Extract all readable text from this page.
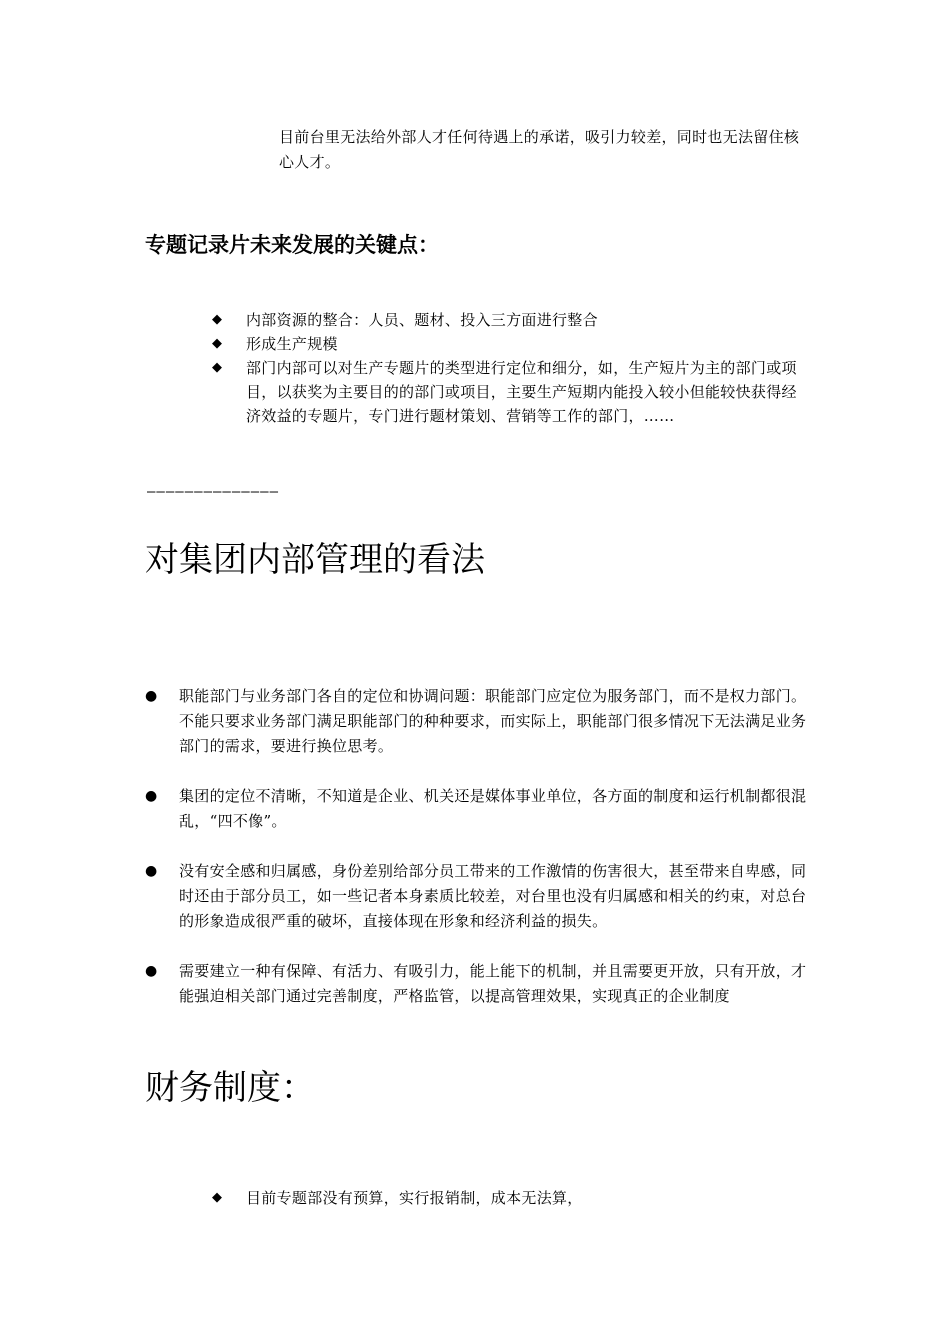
目前台里无法给外部人才任何待遇上的承诺，吸引力较差，同时也无法留住核心人才。
专题记录片未来发展的关键点：
◆ 内部资源的整合：人员、题材、投入三方面进行整合
◆ 形成生产规模
◆ 部门内部可以对生产专题片的类型进行定位和细分，如，生产短片为主的部门或项目，以获奖为主要目的的部门或项目，主要生产短期内能投入较小但能较快获得经济效益的专题片，专门进行题材策划、营销等工作的部门，……
——————————————
对集团内部管理的看法
● 职能部门与业务部门各自的定位和协调问题：职能部门应定位为服务部门，而不是权力部门。不能只要求业务部门满足职能部门的种种要求，而实际上，职能部门很多情况下无法满足业务部门的需求，要进行换位思考。
● 集团的定位不清晰，不知道是企业、机关还是媒体事业单位，各方面的制度和运行机制都很混乱，“四不像”。
● 没有安全感和归属感，身份差别给部分员工带来的工作激情的伤害很大，甚至带来自卑感，同时还由于部分员工，如一些记者本身素质比较差，对台里也没有归属感和相关的约束，对总台的形象造成很严重的破坏，直接体现在形象和经济利益的损失。
● 需要建立一种有保障、有活力、有吸引力，能上能下的机制，并且需要更开放，只有开放，才能强迫相关部门通过完善制度，严格监管，以提高管理效果，实现真正的企业制度
财务制度：
◆ 目前专题部没有预算，实行报销制，成本无法算，
